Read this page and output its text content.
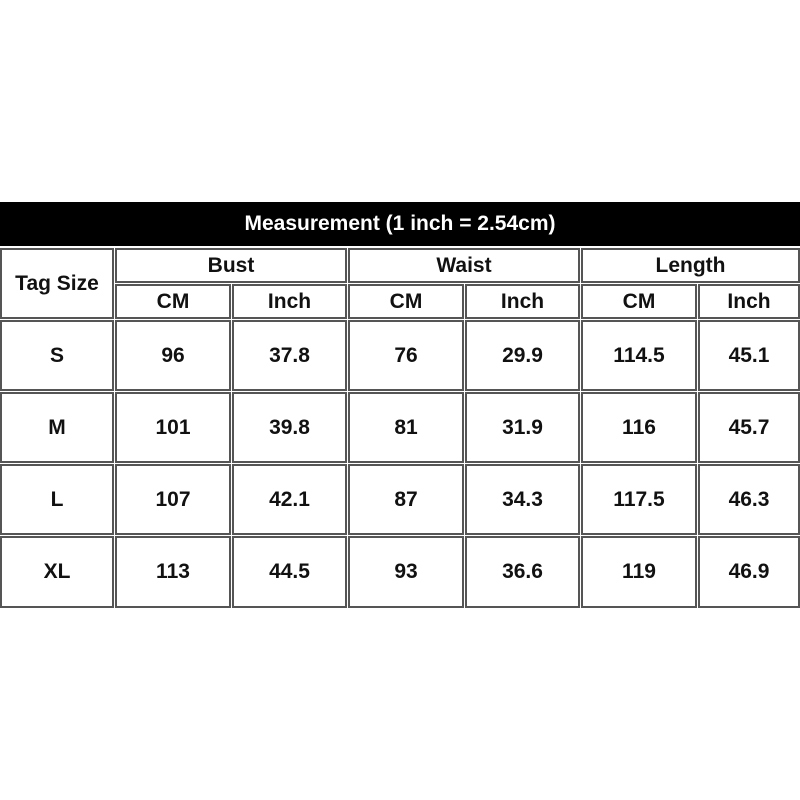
Measurement (1 inch = 2.54cm)
Tag Size
Bust	Waist	Length
CM	Inch	CM	Inch	CM	Inch
S	96	37.8	76	29.9	114.5	45.1
M	101	39.8	81	31.9	116	45.7
L	107	42.1	87	34.3	117.5	46.3
XL	113	44.5	93	36.6	119	46.9
